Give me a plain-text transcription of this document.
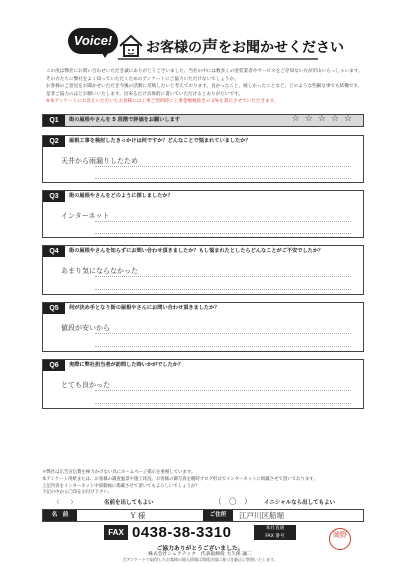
Voice!	お客様の声をお聞かせください

この度は弊社にお問い合わせいただき誠にありがとうございました。当社の中には数多くの塗装業者やサービスをご存知ない方が沢山いらっしゃいます。

その方たちに弊社をよく知っていただくためのアンケートにご協力いただけないでしょうか。

お客様のご意見をお聞かせいただき今後の活動に反映したいと考えております。良かったこと、嬉しかったことなど、どのような些細な事でも結構です。

是非ご協力のほどお願いいたします。出来るだけ具体的に書いていただけるとありがたいです。

※本アンケートにお答えいただいたお客様には工事ご契約時に工事金額税抜きの 2%を還元させていただきます。

Q1	街の屋根やさんを 5 段階で評価をお願いします	☆☆☆☆☆
Q2	屋根工事を検討したきっかけは何ですか？どんなことで悩まれていましたか？
天井から雨漏りしたため
Q3	街の屋根やさんをどのように探しましたか？
インターネット
Q4	街の屋根やさんを知らずにお問い合わせ頂きましたか？もし悩まれたとしたらどんなことがご不安でしたか？
あまり気にならなかった
Q5	何が決め手となり街の屋根やさんにお問い合わせ頂きましたか？
値段が安いから
Q6	実際に弊社担当者が訪問した時いかがでしたか？
とても良かった

＊弊社は広告宣伝費を極力かけない為にホームページ掲示を重視しています。

本アンケート用紙または、お客様の調査風景や施工状況、お客様の御写真を随時ブログ形式でインターネットに掲載させて頂いております。

上記内容をインターネット中部動画に掲載させて頂いてもよろしいでしょうか？

下記の中から〇印をお付け下さい。

（　　）	名前を出してもよい	（　〇　） イニシャルなら出してもよい
名　前	Y 様	ご住所	江戸川区船堀
FAX 0438-38-3310	本社直通
FAX 番号	岡野
ご協力ありがとうございました。
株式会社シェアテック　代表取締役 大久保 誠二
当アンケートで取得したお客様の個人情報は関係法規に基づき厳正に管理いたします。
